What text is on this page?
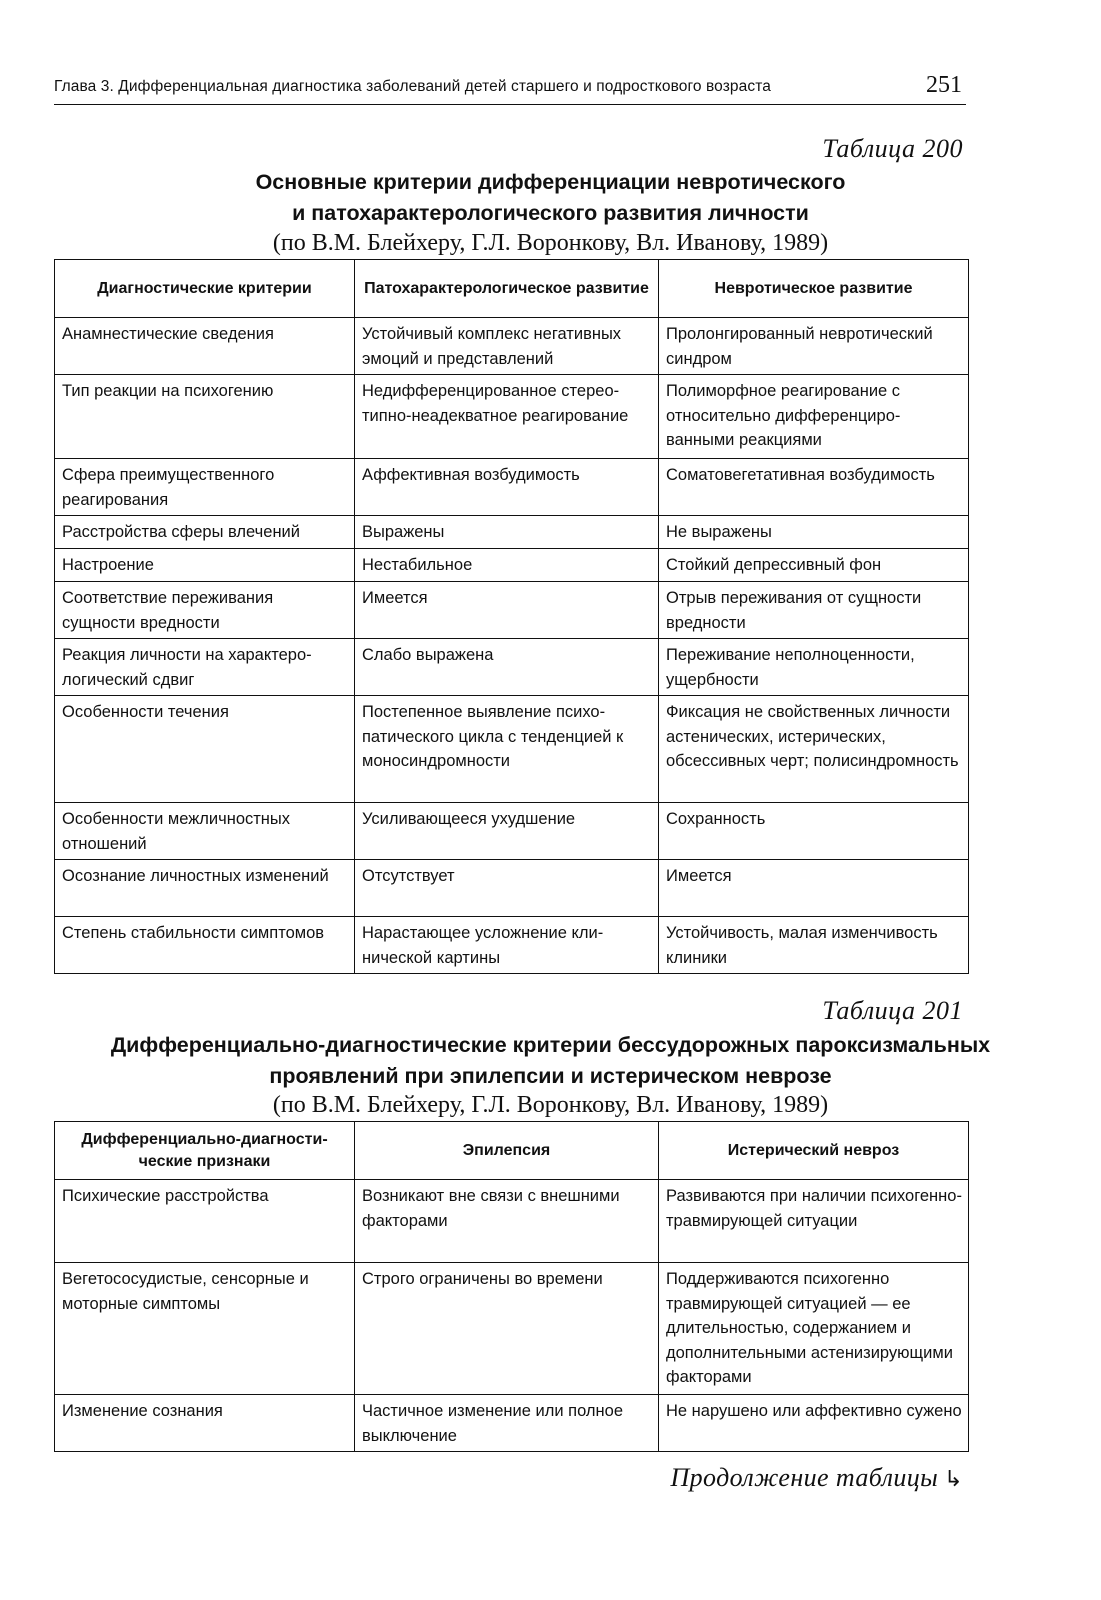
Глава 3. Дифференциальная диагностика заболеваний детей старшего и подросткового возраста	251
Таблица 200
Основные критерии дифференциации невротического
и патохарактерологического развития личности
(по В.М. Блейхеру, Г.Л. Воронкову, Вл. Иванову, 1989)
Диагностические критерии	Патохарактерологическое развитие	Невротическое развитие
Анамнестические сведения	Устойчивый комплекс негативных эмоций и представлений	Пролонгированный невротический синдром
Тип реакции на психогению	Недифференцированное стереотипно-неадекватное реагирование	Полиморфное реагирование с относительно дифференцированными реакциями
Сфера преимущественного реагирования	Аффективная возбудимость	Соматовегетативная возбудимость
Расстройства сферы влечений	Выражены	Не выражены
Настроение	Нестабильное	Стойкий депрессивный фон
Соответствие переживания сущности вредности	Имеется	Отрыв переживания от сущности вредности
Реакция личности на характерологический сдвиг	Слабо выражена	Переживание неполноценности, ущербности
Особенности течения	Постепенное выявление психопатического цикла с тенденцией к моносиндромности	Фиксация не свойственных личности астенических, истерических, обсессивных черт; полисиндромность
Особенности межличностных отношений	Усиливающееся ухудшение	Сохранность
Осознание личностных изменений	Отсутствует	Имеется
Степень стабильности симптомов	Нарастающее усложнение клинической картины	Устойчивость, малая изменчивость клиники
Таблица 201
Дифференциально-диагностические критерии бессудорожных пароксизмальных
проявлений при эпилепсии и истерическом неврозе
(по В.М. Блейхеру, Г.Л. Воронкову, Вл. Иванову, 1989)
Дифференциально-диагностические признаки	Эпилепсия	Истерический невроз
Психические расстройства	Возникают вне связи с внешними факторами	Развиваются при наличии психогенно-травмирующей ситуации
Вегетососудистые, сенсорные и моторные симптомы	Строго ограничены во времени	Поддерживаются психогенно травмирующей ситуацией — ее длительностью, содержанием и дополнительными астенизирующими факторами
Изменение сознания	Частичное изменение или полное выключение	Не нарушено или аффективно сужено
Продолжение таблицы ↳
